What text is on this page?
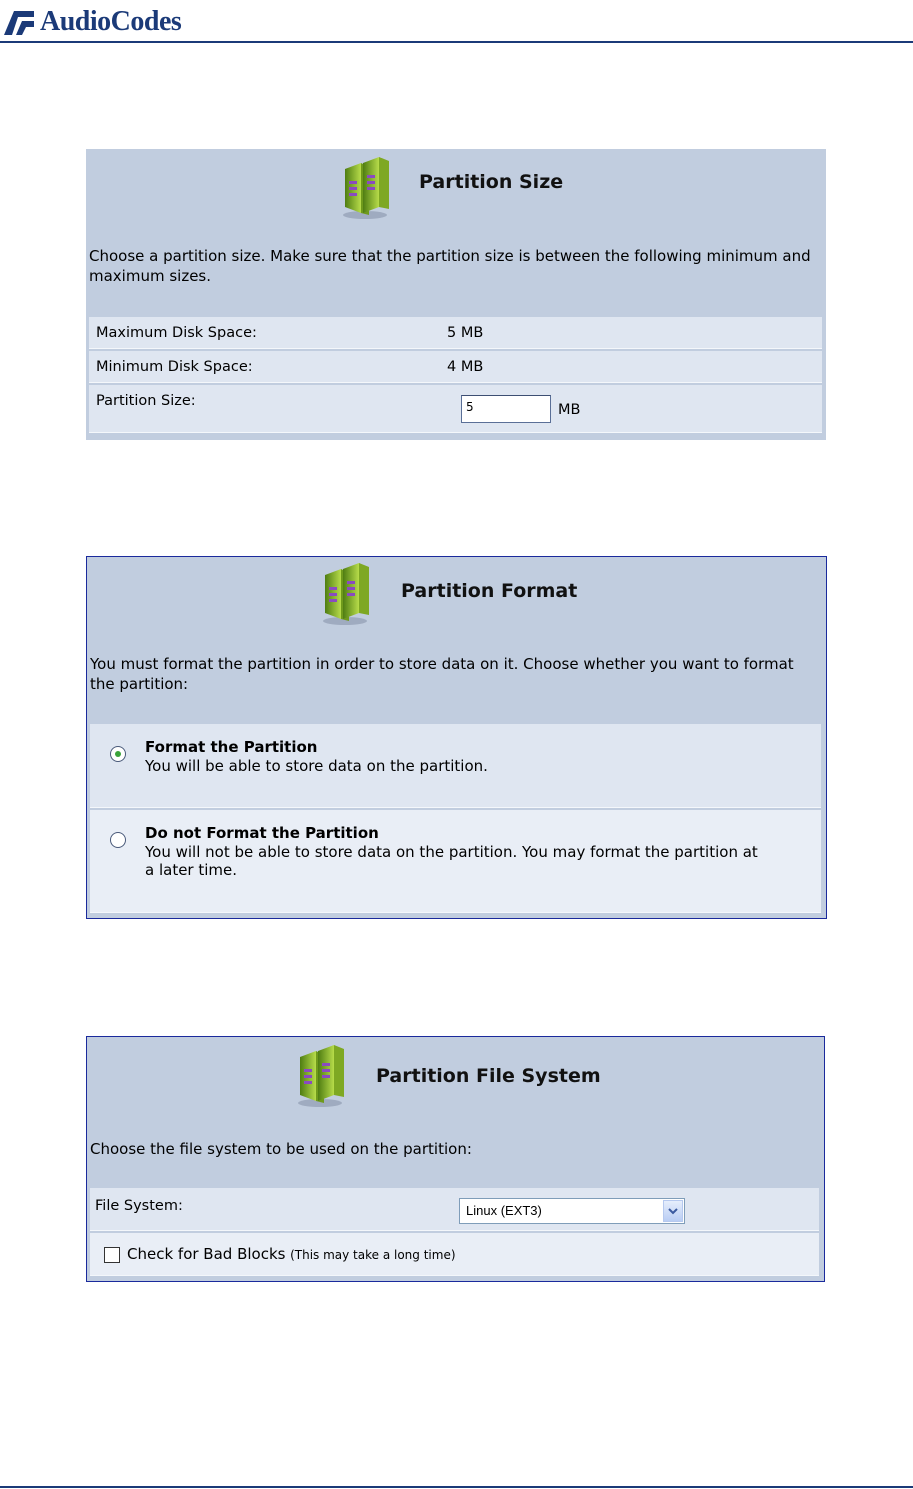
AudioCodes
Partition Size
Choose a partition size. Make sure that the partition size is between the following minimum and maximum sizes.
Maximum Disk Space:	5 MB
Minimum Disk Space:	4 MB
Partition Size:	5	MB
Partition Format
You must format the partition in order to store data on it. Choose whether you want to format the partition:
Format the Partition
You will be able to store data on the partition.
Do not Format the Partition
You will not be able to store data on the partition. You may format the partition at a later time.
Partition File System
Choose the file system to be used on the partition:
File System:	Linux (EXT3)
Check for Bad Blocks (This may take a long time)
